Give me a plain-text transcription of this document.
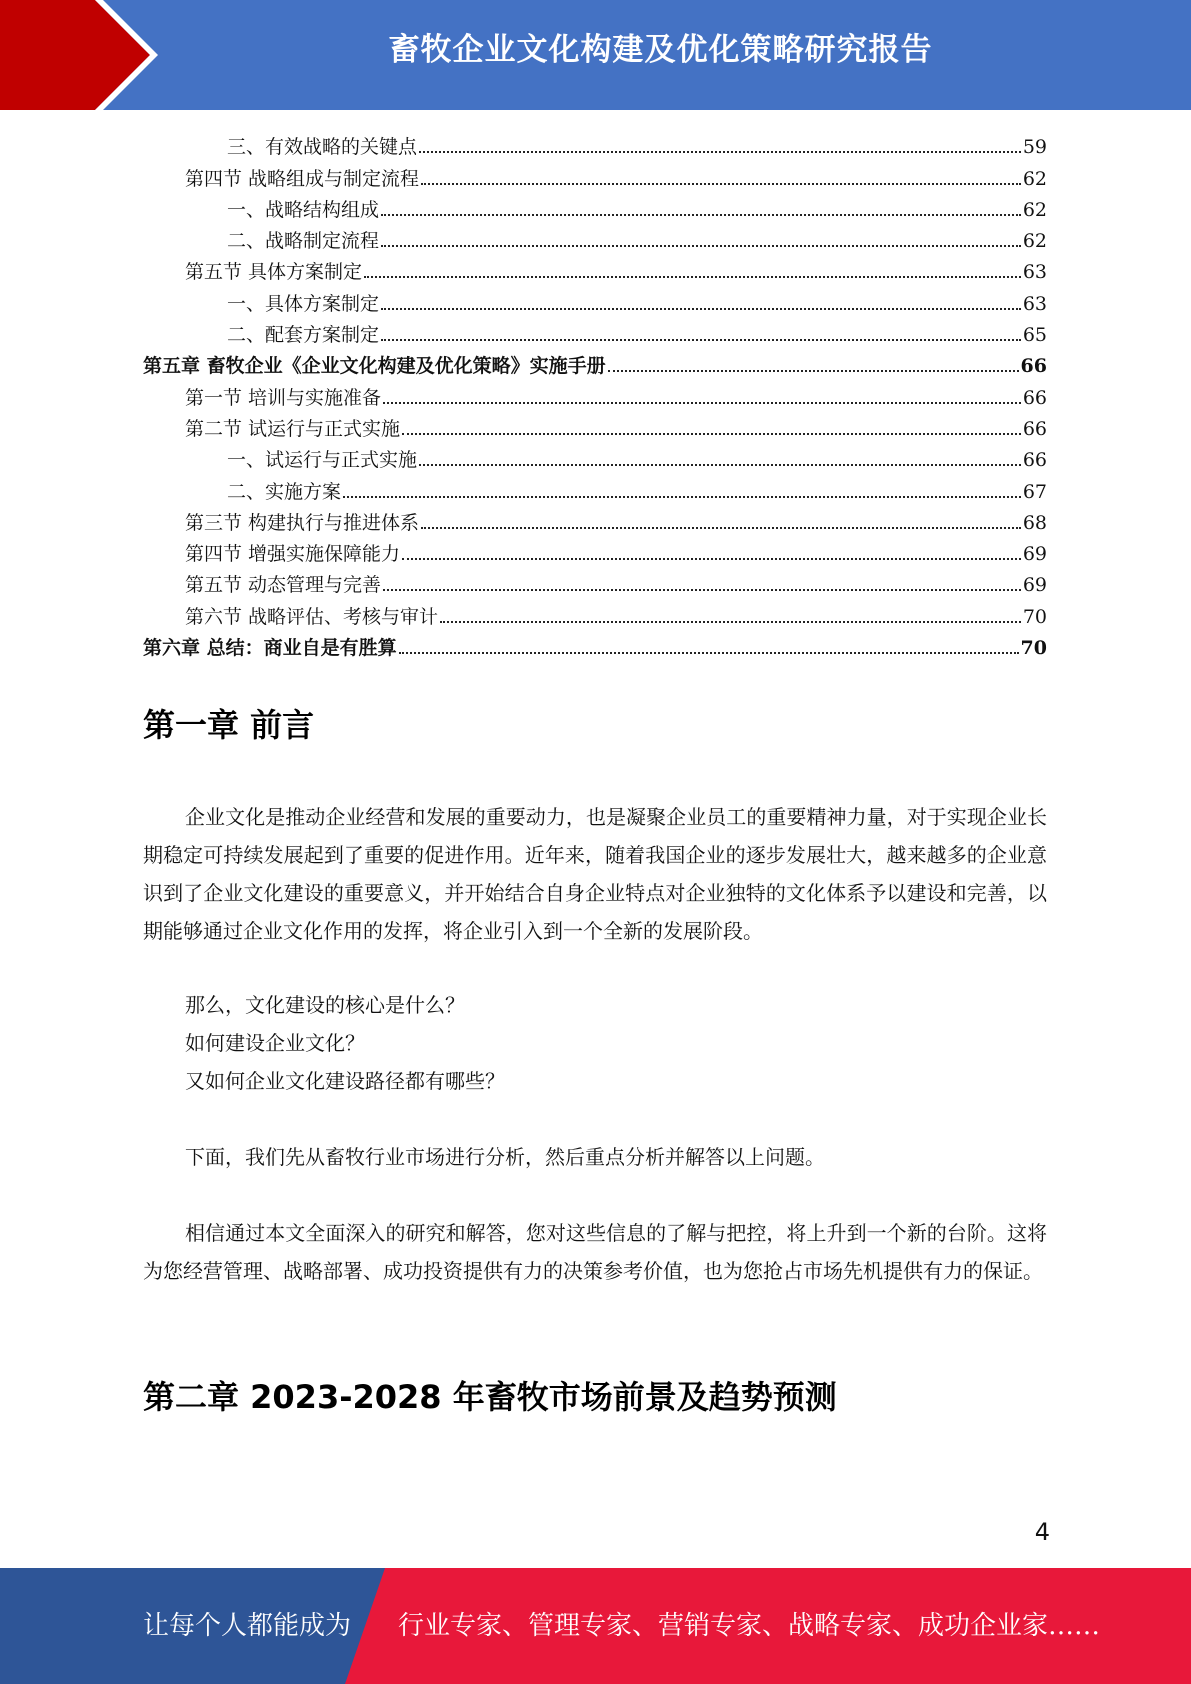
畜牧企业文化构建及优化策略研究报告
三、有效战略的关键点	59
第四节 战略组成与制定流程	62
一、战略结构组成	62
二、战略制定流程	62
第五节 具体方案制定	63
一、具体方案制定	63
二、配套方案制定	65
第五章 畜牧企业《企业文化构建及优化策略》实施手册	66
第一节 培训与实施准备	66
第二节 试运行与正式实施	66
一、试运行与正式实施	66
二、实施方案	67
第三节 构建执行与推进体系	68
第四节 增强实施保障能力	69
第五节 动态管理与完善	69
第六节 战略评估、考核与审计	70
第六章 总结：商业自是有胜算	70
第一章 前言

企业文化是推动企业经营和发展的重要动力，也是凝聚企业员工的重要精神力量，对于实现企业长期稳定可持续发展起到了重要的促进作用。近年来，随着我国企业的逐步发展壮大，越来越多的企业意识到了企业文化建设的重要意义，并开始结合自身企业特点对企业独特的文化体系予以建设和完善，以期能够通过企业文化作用的发挥，将企业引入到一个全新的发展阶段。

那么，文化建设的核心是什么？

如何建设企业文化？

又如何企业文化建设路径都有哪些？

下面，我们先从畜牧行业市场进行分析，然后重点分析并解答以上问题。

相信通过本文全面深入的研究和解答，您对这些信息的了解与把控，将上升到一个新的台阶。这将为您经营管理、战略部署、成功投资提供有力的决策参考价值，也为您抢占市场先机提供有力的保证。

第二章 2023-2028 年畜牧市场前景及趋势预测
4
让每个人都能成为 行业专家、管理专家、营销专家、战略专家、成功企业家……
